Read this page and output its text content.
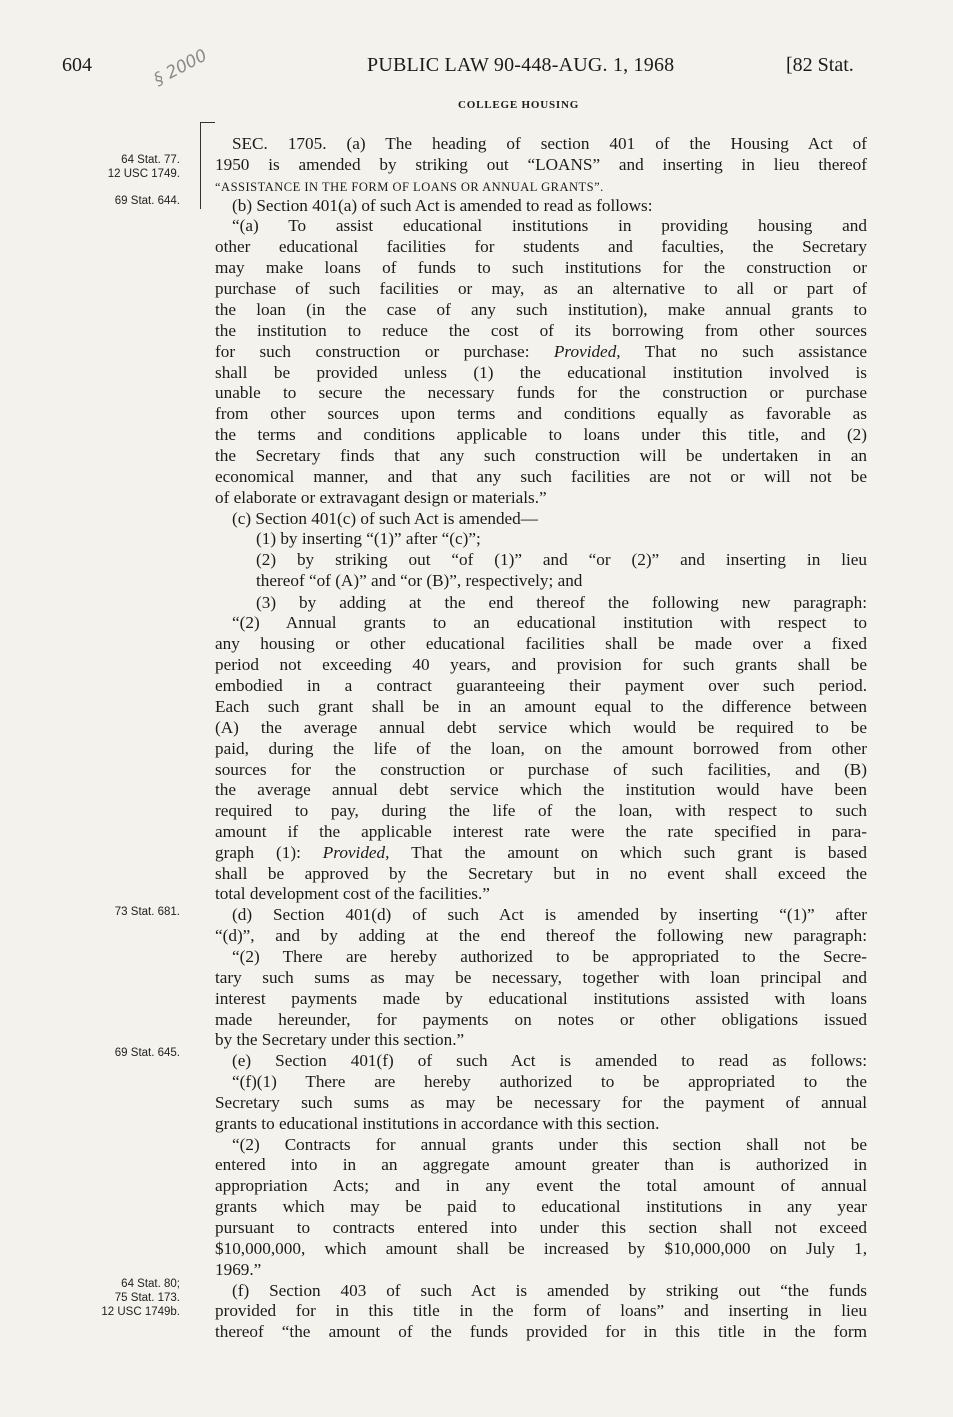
604	PUBLIC LAW 90-448-AUG. 1, 1968	[82 Stat.
COLLEGE HOUSING
§ 2000
64 Stat. 77.
12 USC 1749.
69 Stat. 644.
73 Stat. 681.
69 Stat. 645.
64 Stat. 80;
75 Stat. 173.
12 USC 1749b.
SEC. 1705. (a) The heading of section 401 of the Housing Act of
1950 is amended by striking out “LOANS” and inserting in lieu thereof
“ASSISTANCE IN THE FORM OF LOANS OR ANNUAL GRANTS”.
(b) Section 401(a) of such Act is amended to read as follows:
“(a) To assist educational institutions in providing housing and
other educational facilities for students and faculties, the Secretary
may make loans of funds to such institutions for the construction or
purchase of such facilities or may, as an alternative to all or part of
the loan (in the case of any such institution), make annual grants to
the institution to reduce the cost of its borrowing from other sources
for such construction or purchase: Provided, That no such assistance
shall be provided unless (1) the educational institution involved is
unable to secure the necessary funds for the construction or purchase
from other sources upon terms and conditions equally as favorable as
the terms and conditions applicable to loans under this title, and (2)
the Secretary finds that any such construction will be undertaken in an
economical manner, and that any such facilities are not or will not be
of elaborate or extravagant design or materials.”
(c) Section 401(c) of such Act is amended—
(1) by inserting “(1)” after “(c)”;
(2) by striking out “of (1)” and “or (2)” and inserting in lieu
thereof “of (A)” and “or (B)”, respectively; and
(3) by adding at the end thereof the following new paragraph:
“(2) Annual grants to an educational institution with respect to
any housing or other educational facilities shall be made over a fixed
period not exceeding 40 years, and provision for such grants shall be
embodied in a contract guaranteeing their payment over such period.
Each such grant shall be in an amount equal to the difference between
(A) the average annual debt service which would be required to be
paid, during the life of the loan, on the amount borrowed from other
sources for the construction or purchase of such facilities, and (B)
the average annual debt service which the institution would have been
required to pay, during the life of the loan, with respect to such
amount if the applicable interest rate were the rate specified in para-
graph (1): Provided, That the amount on which such grant is based
shall be approved by the Secretary but in no event shall exceed the
total development cost of the facilities.”
(d) Section 401(d) of such Act is amended by inserting “(1)” after
“(d)”, and by adding at the end thereof the following new paragraph:
“(2) There are hereby authorized to be appropriated to the Secre-
tary such sums as may be necessary, together with loan principal and
interest payments made by educational institutions assisted with loans
made hereunder, for payments on notes or other obligations issued
by the Secretary under this section.”
(e) Section 401(f) of such Act is amended to read as follows:
“(f)(1) There are hereby authorized to be appropriated to the
Secretary such sums as may be necessary for the payment of annual
grants to educational institutions in accordance with this section.
“(2) Contracts for annual grants under this section shall not be
entered into in an aggregate amount greater than is authorized in
appropriation Acts; and in any event the total amount of annual
grants which may be paid to educational institutions in any year
pursuant to contracts entered into under this section shall not exceed
$10,000,000, which amount shall be increased by $10,000,000 on July 1,
1969.”
(f) Section 403 of such Act is amended by striking out “the funds
provided for in this title in the form of loans” and inserting in lieu
thereof “the amount of the funds provided for in this title in the form
